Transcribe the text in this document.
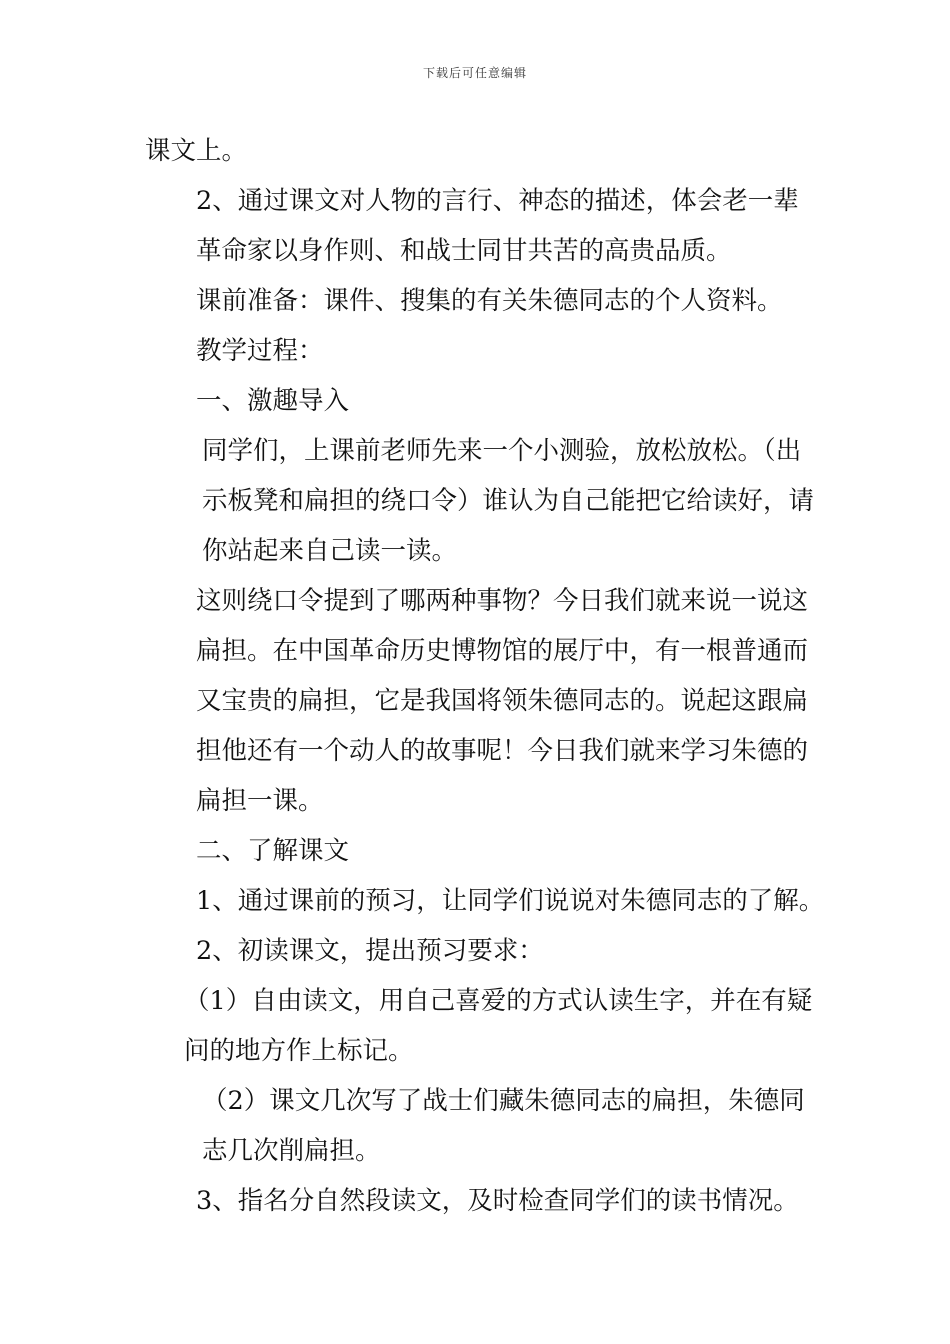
下载后可任意编辑

课文上。

2、通过课文对人物的言行、神态的描述，体会老一辈革命家以身作则、和战士同甘共苦的高贵品质。

课前准备：课件、搜集的有关朱德同志的个人资料。

教学过程：

一、激趣导入

同学们，上课前老师先来一个小测验，放松放松。（出示板凳和扁担的绕口令）谁认为自己能把它给读好，请你站起来自己读一读。

这则绕口令提到了哪两种事物？今日我们就来说一说这扁担。在中国革命历史博物馆的展厅中，有一根普通而又宝贵的扁担，它是我国将领朱德同志的。说起这跟扁担他还有一个动人的故事呢！今日我们就来学习朱德的扁担一课。

二、了解课文

1、通过课前的预习，让同学们说说对朱德同志的了解。

2、初读课文，提出预习要求：

（1）自由读文，用自己喜爱的方式认读生字，并在有疑问的地方作上标记。

（2）课文几次写了战士们藏朱德同志的扁担，朱德同志几次削扁担。

3、指名分自然段读文，及时检查同学们的读书情况。
